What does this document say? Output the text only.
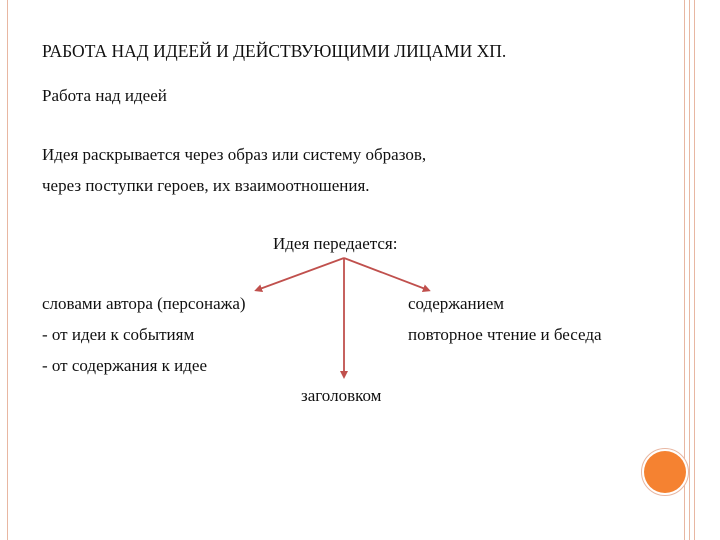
РАБОТА НАД ИДЕЕЙ И ДЕЙСТВУЮЩИМИ ЛИЦАМИ ХП.
Работа над идеей
Идея раскрывается через образ или систему образов,
через поступки героев, их взаимоотношения.
Идея передается:
словами автора (персонажа)
- от идеи к событиям
- от содержания к идее
содержанием
повторное чтение и беседа
заголовком
